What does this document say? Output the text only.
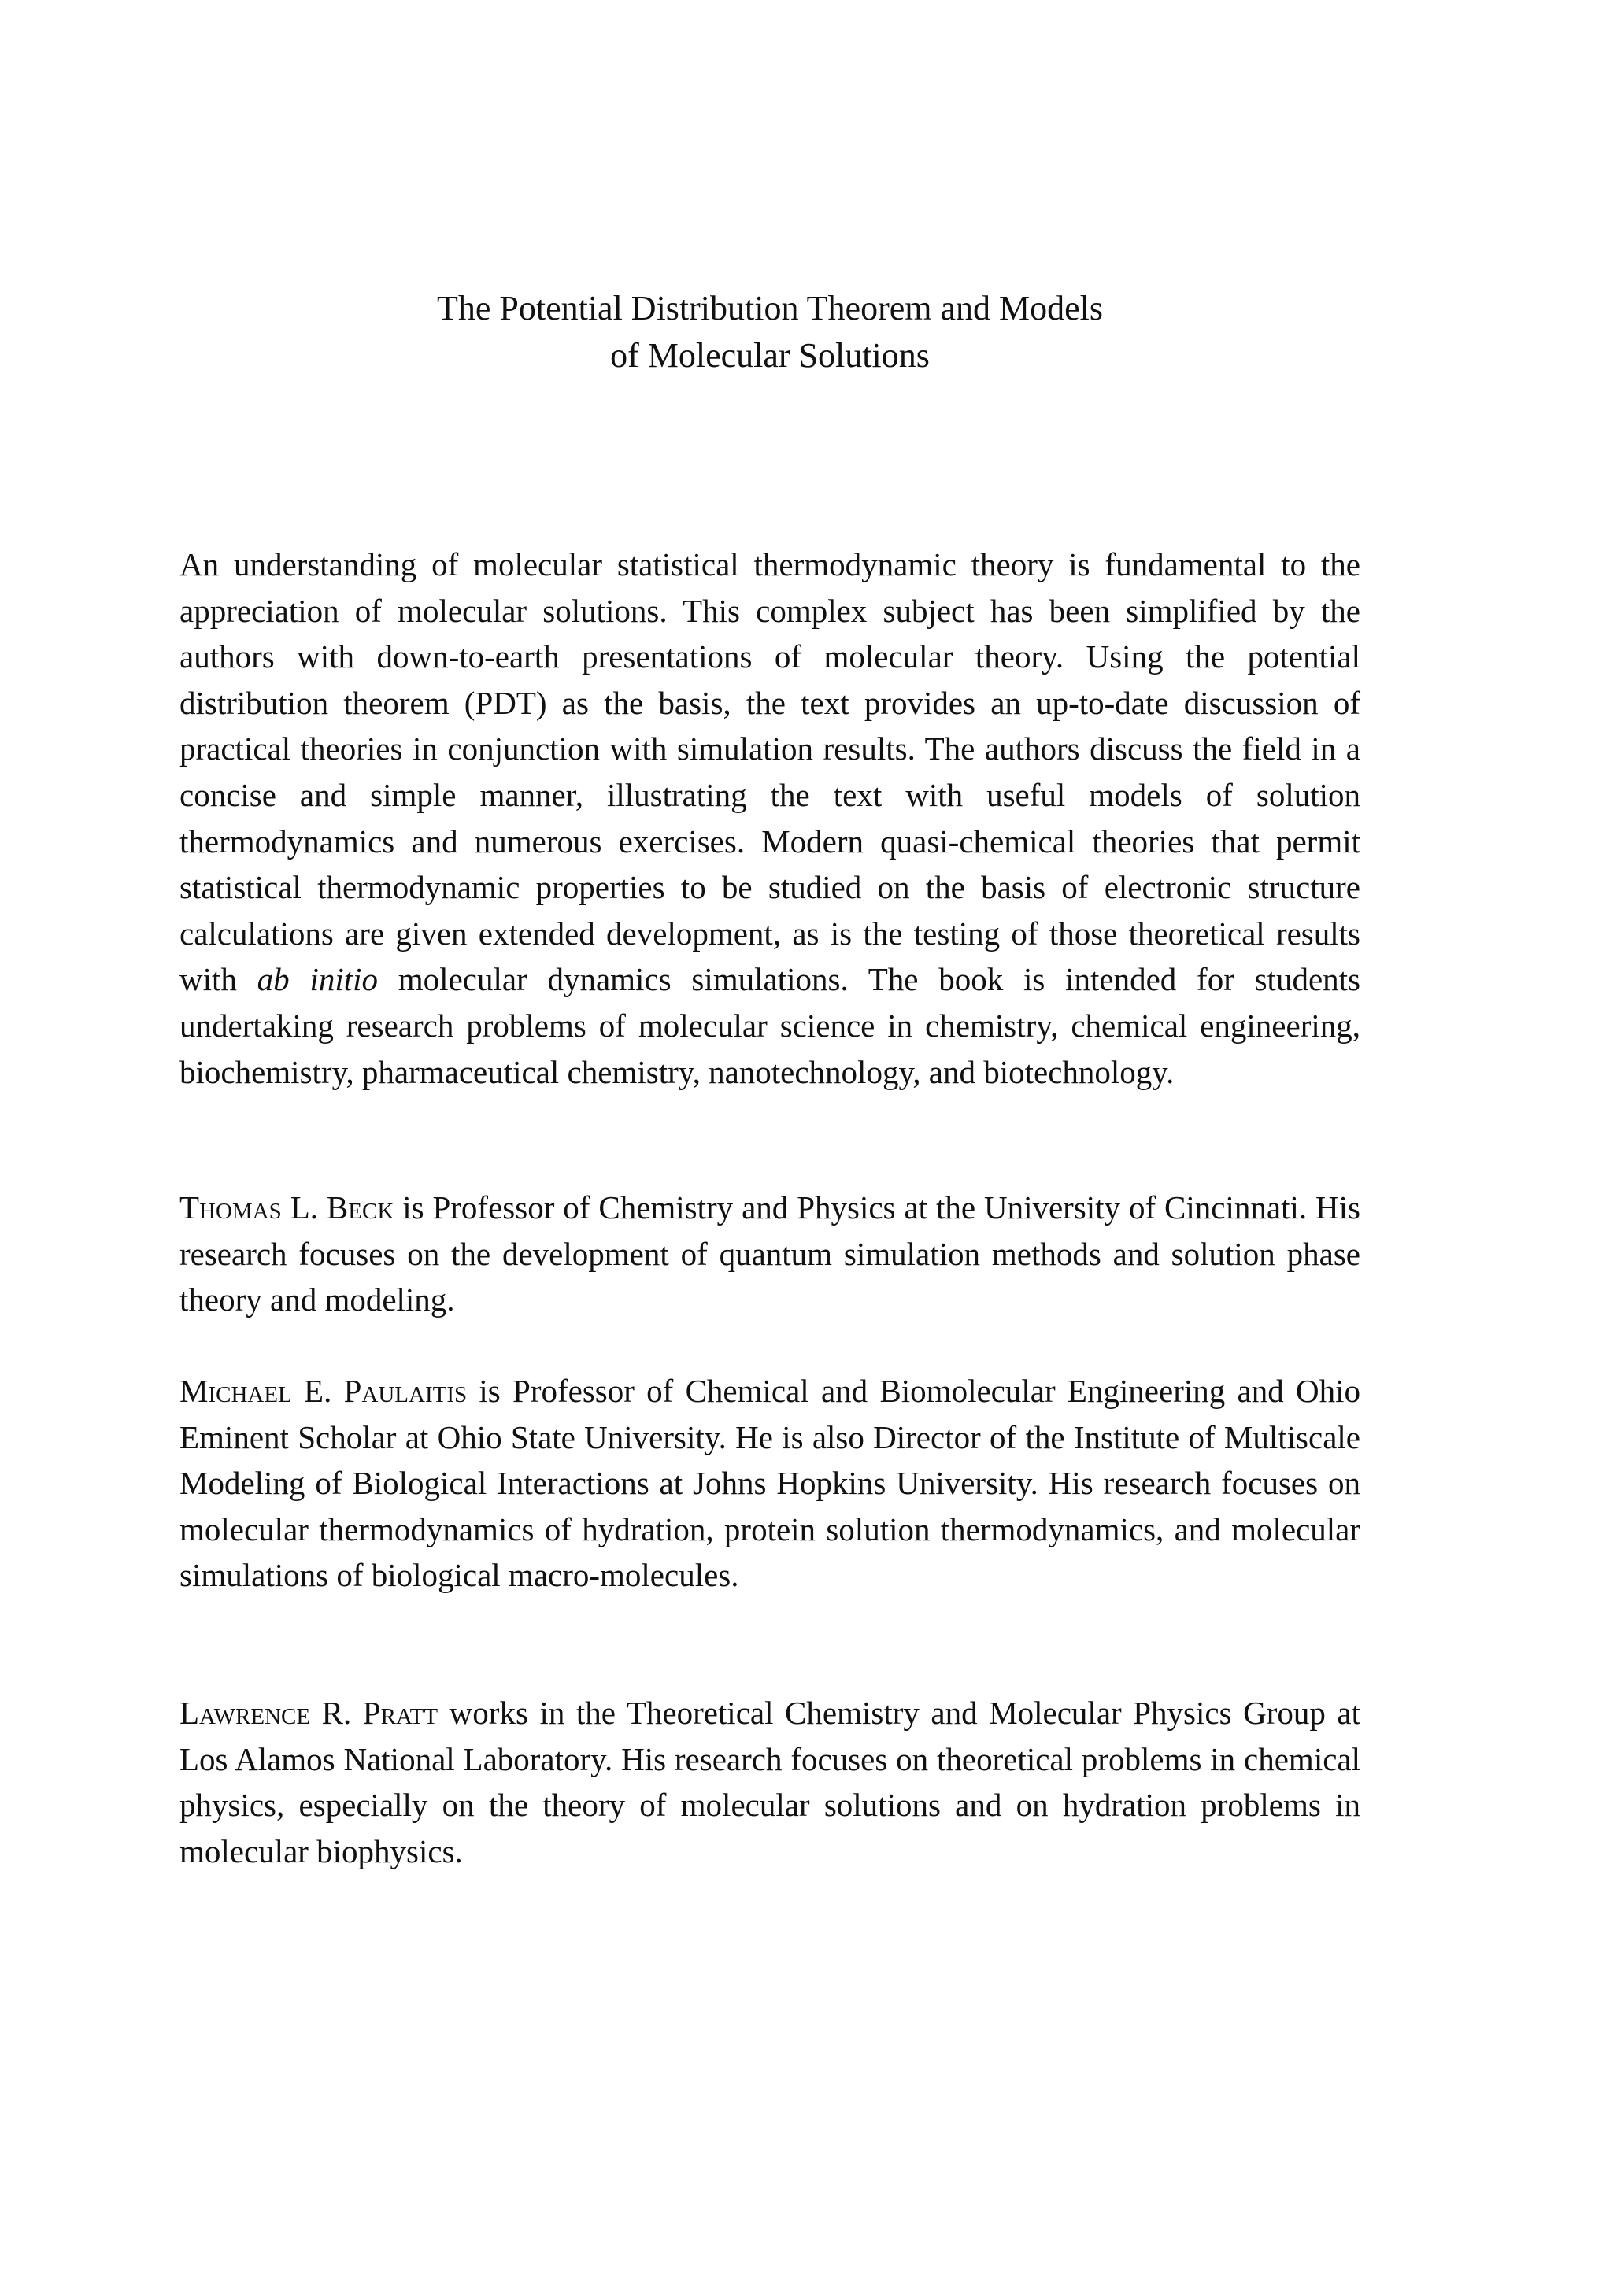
The Potential Distribution Theorem and Models
of Molecular Solutions

An understanding of molecular statistical thermodynamic theory is fundamental to the appreciation of molecular solutions. This complex subject has been simplified by the authors with down-to-earth presentations of molecular theory. Using the potential distribution theorem (PDT) as the basis, the text provides an up-to-date discussion of practical theories in conjunction with simulation results. The authors discuss the field in a concise and simple manner, illustrating the text with useful models of solution thermodynamics and numerous exercises. Modern quasi-chemical theories that permit statistical thermodynamic properties to be studied on the basis of electronic structure calculations are given extended development, as is the testing of those theoretical results with ab initio molecular dynamics simulations. The book is intended for students undertaking research problems of molecular science in chemistry, chemical engineering, biochemistry, pharmaceutical chemistry, nanotechnology, and biotechnology.

Thomas L. Beck is Professor of Chemistry and Physics at the University of Cincinnati. His research focuses on the development of quantum simulation methods and solution phase theory and modeling.

Michael E. Paulaitis is Professor of Chemical and Biomolecular Engineering and Ohio Eminent Scholar at Ohio State University. He is also Director of the Institute of Multiscale Modeling of Biological Interactions at Johns Hopkins University. His research focuses on molecular thermodynamics of hydration, protein solution thermodynamics, and molecular simulations of biological macro-molecules.

Lawrence R. Pratt works in the Theoretical Chemistry and Molecular Physics Group at Los Alamos National Laboratory. His research focuses on theoretical problems in chemical physics, especially on the theory of molecular solutions and on hydration problems in molecular biophysics.
